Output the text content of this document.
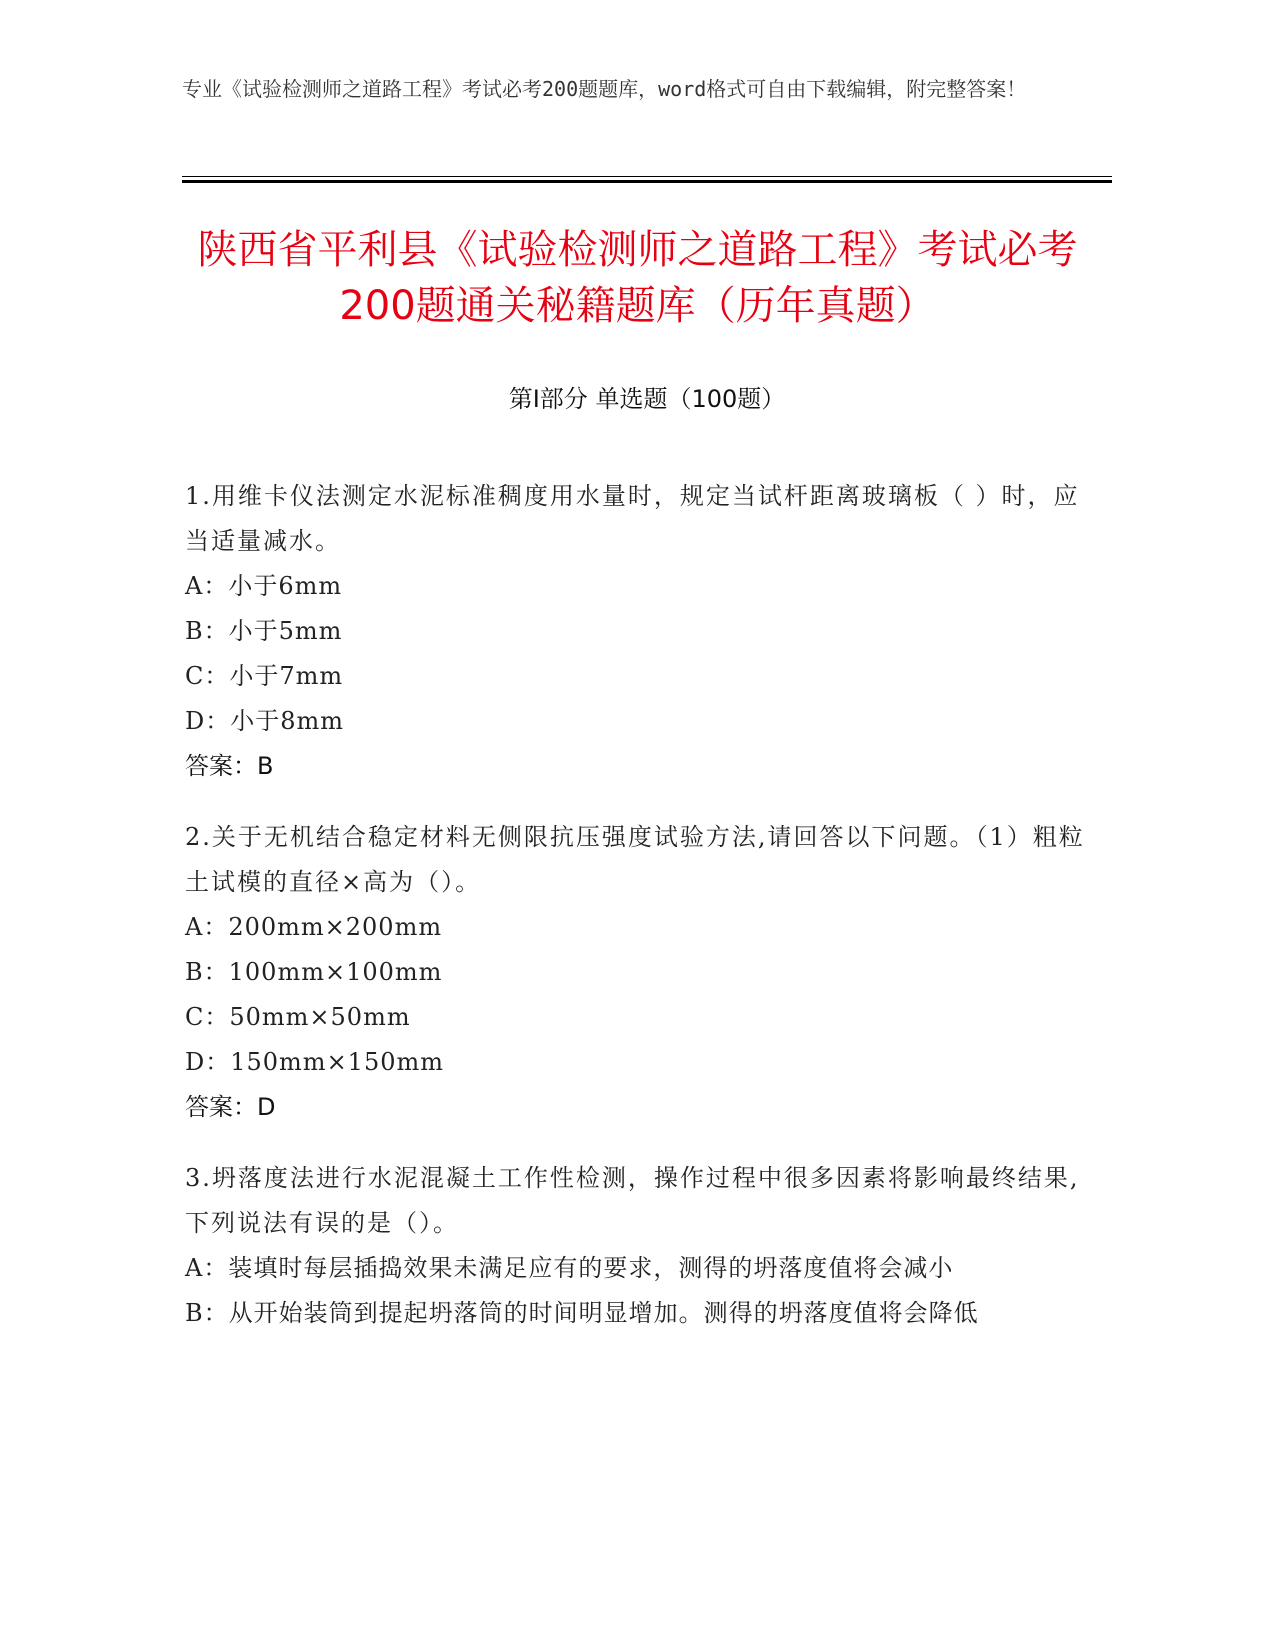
专业《试验检测师之道路工程》考试必考200题题库，word格式可自由下载编辑，附完整答案！
陕西省平利县《试验检测师之道路工程》考试必考200题通关秘籍题库（历年真题）
第I部分 单选题（100题）
1.用维卡仪法测定水泥标准稠度用水量时，规定当试杆距离玻璃板（ ）时，应当适量减水。
A：小于6mm
B：小于5mm
C：小于7mm
D：小于8mm
答案：B
2.关于无机结合稳定材料无侧限抗压强度试验方法,请回答以下问题。（1）粗粒土试模的直径×高为（）。
A：200mm×200mm
B：100mm×100mm
C：50mm×50mm
D：150mm×150mm
答案：D
3.坍落度法进行水泥混凝土工作性检测，操作过程中很多因素将影响最终结果,下列说法有误的是（）。
A：装填时每层插捣效果未满足应有的要求，测得的坍落度值将会减小
B：从开始装筒到提起坍落筒的时间明显增加。测得的坍落度值将会降低
